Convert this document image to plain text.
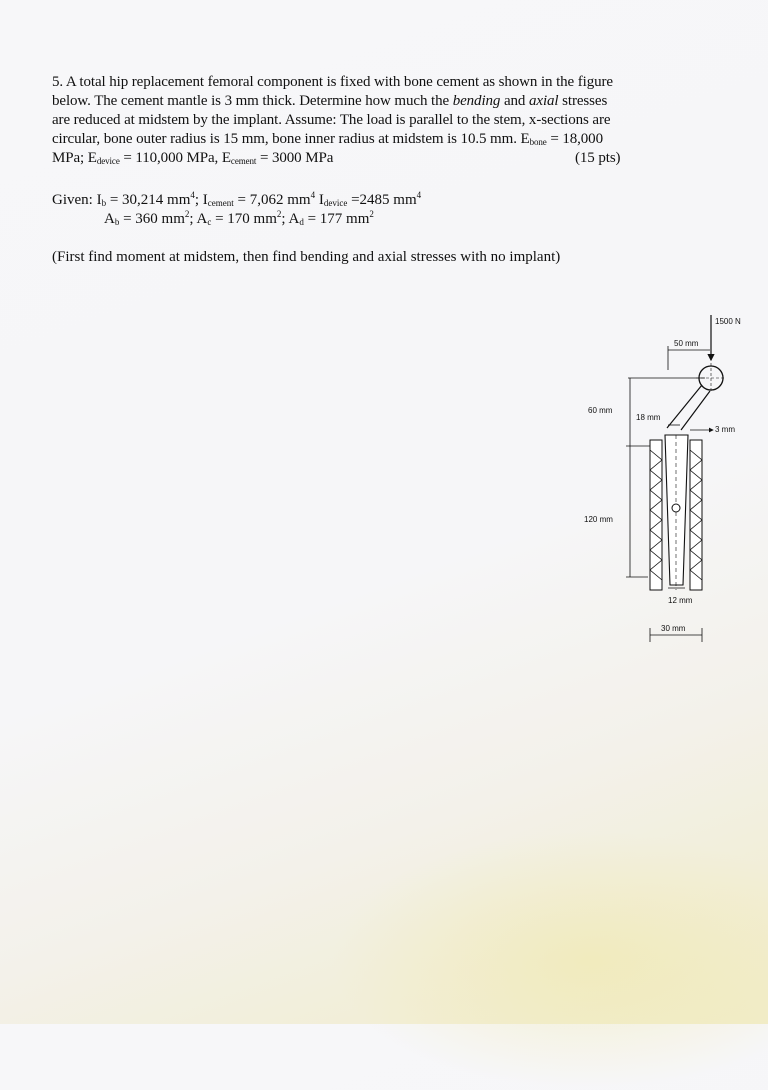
5. A total hip replacement femoral component is fixed with bone cement as shown in the figure
below. The cement mantle is 3 mm thick. Determine how much the bending and axial stresses
are reduced at midstem by the implant. Assume: The load is parallel to the stem, x-sections are
circular, bone outer radius is 15 mm, bone inner radius at midstem is 10.5 mm. $E_{bone} = 18,000$
MPa; $E_{device} = 110,000$ MPa, $E_{cement} = 3000$ MPa	(15 pts)
Given: $I_b = 30,214$ $mm^4$; $I_{cement} = 7,062$ $mm^4$ $I_{device} =2485$ $mm^4$
$A_b = 360$ $mm^2$; $A_c = 170$ $mm^2$; $A_d = 177$ $mm^2$
(First find moment at midstem, then find bending and axial stresses with no implant)
1500 N
50 mm
60 mm
120 mm
18 mm
3 mm
12 mm
30 mm
